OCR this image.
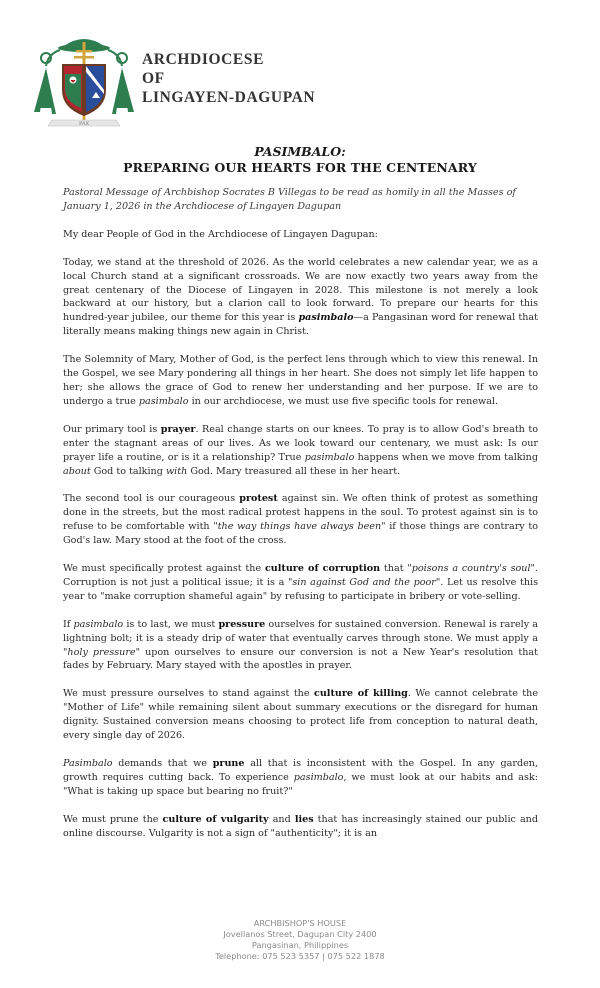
PAX
ARCHDIOCESE
OF
LINGAYEN-DAGUPAN
PASIMBALO:
PREPARING OUR HEARTS FOR THE CENTENARY

Pastoral Message of Archbishop Socrates B Villegas to be read as homily in all the Masses of January 1, 2026 in the Archdiocese of Lingayen Dagupan

My dear People of God in the Archdiocese of Lingayen Dagupan:

Today, we stand at the threshold of 2026. As the world celebrates a new calendar year, we as a local Church stand at a significant crossroads. We are now exactly two years away from the great centenary of the Diocese of Lingayen in 2028. This milestone is not merely a look backward at our history, but a clarion call to look forward. To prepare our hearts for this hundred-year jubilee, our theme for this year is pasimbalo—a Pangasinan word for renewal that literally means making things new again in Christ.

The Solemnity of Mary, Mother of God, is the perfect lens through which to view this renewal. In the Gospel, we see Mary pondering all things in her heart. She does not simply let life happen to her; she allows the grace of God to renew her understanding and her purpose. If we are to undergo a true pasimbalo in our archdiocese, we must use five specific tools for renewal.

Our primary tool is prayer. Real change starts on our knees. To pray is to allow God's breath to enter the stagnant areas of our lives. As we look toward our centenary, we must ask: Is our prayer life a routine, or is it a relationship? True pasimbalo happens when we move from talking about God to talking with God. Mary treasured all these in her heart.

The second tool is our courageous protest against sin. We often think of protest as something done in the streets, but the most radical protest happens in the soul. To protest against sin is to refuse to be comfortable with "the way things have always been" if those things are contrary to God's law. Mary stood at the foot of the cross.

We must specifically protest against the culture of corruption that "poisons a country's soul". Corruption is not just a political issue; it is a "sin against God and the poor". Let us resolve this year to "make corruption shameful again" by refusing to participate in bribery or vote-selling.

If pasimbalo is to last, we must pressure ourselves for sustained conversion. Renewal is rarely a lightning bolt; it is a steady drip of water that eventually carves through stone. We must apply a "holy pressure" upon ourselves to ensure our conversion is not a New Year's resolution that fades by February. Mary stayed with the apostles in prayer.

We must pressure ourselves to stand against the culture of killing. We cannot celebrate the "Mother of Life" while remaining silent about summary executions or the disregard for human dignity. Sustained conversion means choosing to protect life from conception to natural death, every single day of 2026.

Pasimbalo demands that we prune all that is inconsistent with the Gospel. In any garden, growth requires cutting back. To experience pasimbalo, we must look at our habits and ask: "What is taking up space but bearing no fruit?"

We must prune the culture of vulgarity and lies that has increasingly stained our public and online discourse. Vulgarity is not a sign of "authenticity"; it is an

ARCHBISHOP'S HOUSE
Jovellanos Street, Dagupan City 2400
Pangasinan, Philippines
Telephone: 075 523 5357 | 075 522 1878
